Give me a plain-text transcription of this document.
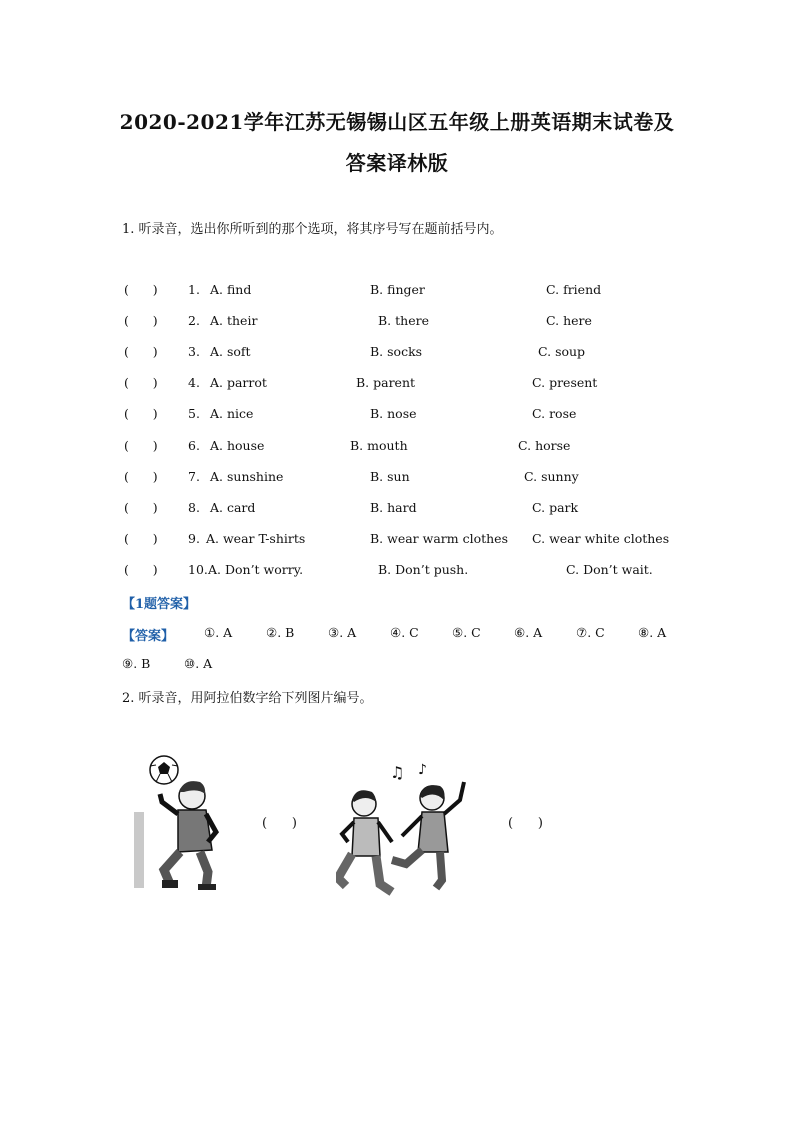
2020-2021学年江苏无锡锡山区五年级上册英语期末试卷及
答案译林版
1. 听录音，选出你所听到的那个选项，将其序号写在题前括号内。
(      ) 1. A. find	B. finger	C. friend
(      ) 2. A. their	B. there	C. here
(      ) 3. A. soft	B. socks	C. soup
(      ) 4. A. parrot	B. parent	C. present
(      ) 5. A. nice	B. nose	C. rose
(      ) 6. A. house	B. mouth	C. horse
(      ) 7. A. sunshine	B. sun	C. sunny
(      ) 8. A. card	B. hard	C. park
(      ) 9. A. wear T-shirts	B. wear warm clothes C. wear white clothes
(      ) 10. A. Don’t worry.	B. Don’t push.	C. Don’t wait.
【1题答案】
【答案】 ①. A	②. B	③. A	④. C	⑤. C	⑥. A	⑦. C	⑧. A
⑨. B	⑩. A
2. 听录音，用阿拉伯数字给下列图片编号。
(      )
♫ ♪
(      )
